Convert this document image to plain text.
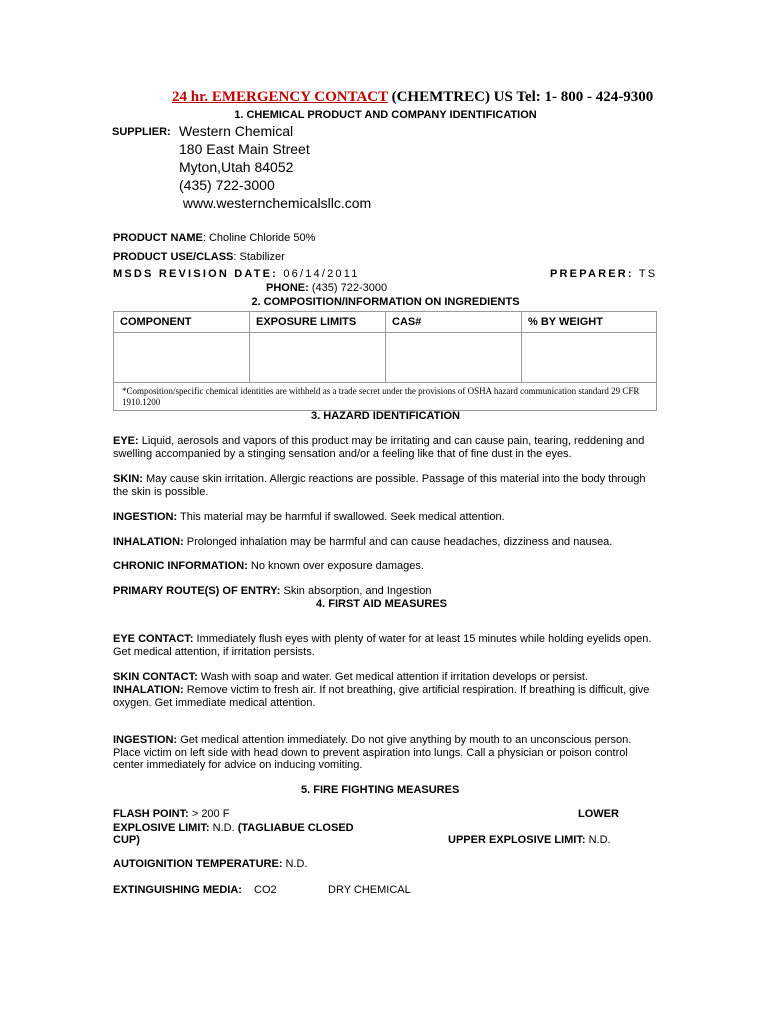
24 hr. EMERGENCY CONTACT (CHEMTREC) US Tel: 1- 800 - 424-9300
1. CHEMICAL PRODUCT AND COMPANY IDENTIFICATION
SUPPLIER: Western Chemical
180 East Main Street
Myton,Utah 84052
(435) 722-3000
www.westernchemicalsllc.com
PRODUCT NAME: Choline Chloride 50%
PRODUCT USE/CLASS: Stabilizer
MSDS REVISION DATE: 06/14/2011	PREPARER: TS
PHONE: (435) 722-3000
2. COMPOSITION/INFORMATION ON INGREDIENTS
COMPONENT	EXPOSURE LIMITS	CAS#	% BY WEIGHT

*Composition/specific chemical identities are withheld as a trade secret under the provisions of OSHA hazard communication standard 29 CFR 1910.1200			
3. HAZARD IDENTIFICATION
EYE: Liquid, aerosols and vapors of this product may be irritating and can cause pain, tearing, reddening and swelling accompanied by a stinging sensation and/or a feeling like that of fine dust in the eyes.
SKIN: May cause skin irritation. Allergic reactions are possible. Passage of this material into the body through the skin is possible.
INGESTION: This material may be harmful if swallowed. Seek medical attention.
INHALATION: Prolonged inhalation may be harmful and can cause headaches, dizziness and nausea.
CHRONIC INFORMATION: No known over exposure damages.
PRIMARY ROUTE(S) OF ENTRY: Skin absorption, and Ingestion
4. FIRST AID MEASURES
EYE CONTACT: Immediately flush eyes with plenty of water for at least 15 minutes while holding eyelids open. Get medical attention, if irritation persists.
SKIN CONTACT: Wash with soap and water. Get medical attention if irritation develops or persist.
INHALATION: Remove victim to fresh air. If not breathing, give artificial respiration. If breathing is difficult, give oxygen. Get immediate medical attention.
INGESTION: Get medical attention immediately. Do not give anything by mouth to an unconscious person. Place victim on left side with head down to prevent aspiration into lungs. Call a physician or poison control center immediately for advice on inducing vomiting.
5. FIRE FIGHTING MEASURES
FLASH POINT: > 200 F	LOWER
EXPLOSIVE LIMIT: N.D. (TAGLIABUE CLOSED
CUP)	UPPER EXPLOSIVE LIMIT: N.D.
AUTOIGNITION TEMPERATURE: N.D.
EXTINGUISHING MEDIA: CO2	DRY CHEMICAL
